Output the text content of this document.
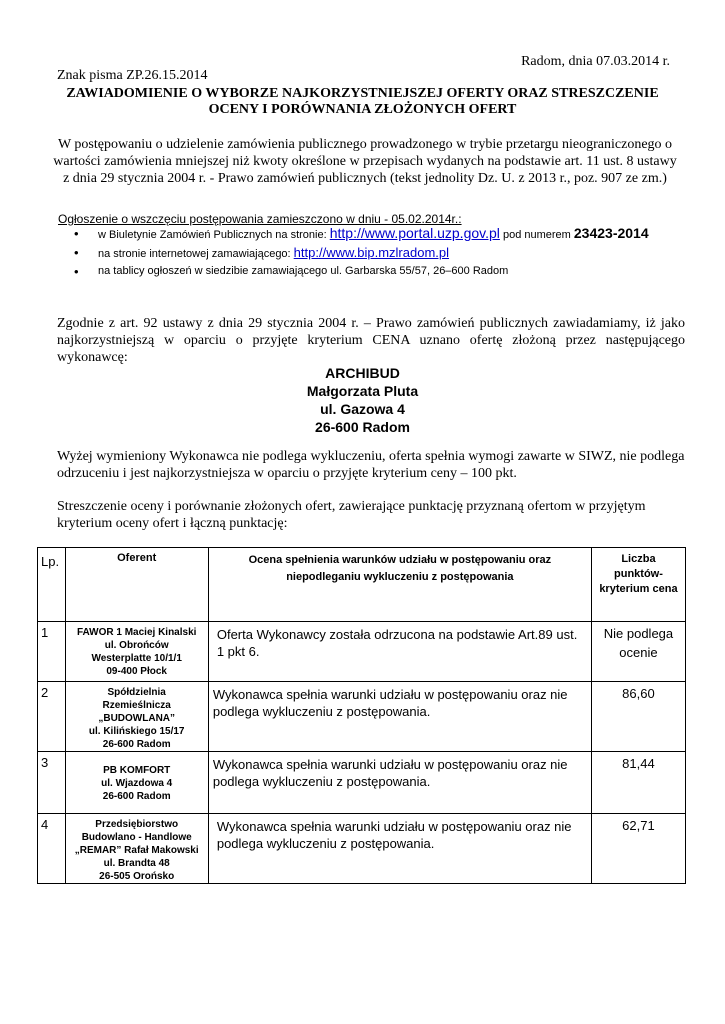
Radom, dnia 07.03.2014 r.
Znak pisma ZP.26.15.2014
ZAWIADOMIENIE O WYBORZE NAJKORZYSTNIEJSZEJ OFERTY ORAZ STRESZCZENIE
OCENY I PORÓWNANIA ZŁOŻONYCH OFERT
W postępowaniu o udzielenie zamówienia publicznego prowadzonego w trybie przetargu nieograniczonego o wartości zamówienia mniejszej niż kwoty określone w przepisach wydanych na podstawie art. 11 ust. 8 ustawy z dnia 29 stycznia 2004 r. - Prawo zamówień publicznych (tekst jednolity Dz. U. z 2013 r., poz. 907 ze zm.)
Ogłoszenie o wszczęciu postępowania zamieszczono w dniu - 05.02.2014r.:
• w Biuletynie Zamówień Publicznych na stronie: http://www.portal.uzp.gov.pl pod numerem 23423-2014
• na stronie internetowej zamawiającego: http://www.bip.mzlradom.pl
• na tablicy ogłoszeń w siedzibie zamawiającego ul. Garbarska 55/57, 26–600 Radom
Zgodnie z art. 92 ustawy z dnia 29 stycznia 2004 r. – Prawo zamówień publicznych zawiadamiamy, iż jako najkorzystniejszą w oparciu o przyjęte kryterium CENA uznano ofertę złożoną przez następującego wykonawcę:
ARCHIBUD
Małgorzata Pluta
ul. Gazowa 4
26-600 Radom
Wyżej wymieniony Wykonawca nie podlega wykluczeniu, oferta spełnia wymogi zawarte w SIWZ, nie podlega odrzuceniu i jest najkorzystniejsza w oparciu o przyjęte kryterium ceny – 100 pkt.
Streszczenie oceny i porównanie złożonych ofert, zawierające punktację przyznaną ofertom w przyjętym kryterium oceny ofert i łączną punktację:
Lp.	Oferent	Ocena spełnienia warunków udziału w postępowaniu oraz niepodleganiu wykluczeniu z postępowania	Liczba punktów- kryterium cena
1	FAWOR 1 Maciej Kinalski
ul. Obrońców
Westerplatte 10/1/1
09-400 Płock	Oferta Wykonawcy została odrzucona na podstawie Art.89 ust. 1 pkt 6.	Nie podlega ocenie
2	Spółdzielnia
Rzemieślnicza
„BUDOWLANA”
ul. Kilińskiego 15/17
26-600 Radom	Wykonawca spełnia warunki udziału w postępowaniu oraz nie podlega wykluczeniu z postępowania.	86,60
3	PB KOMFORT
ul. Wjazdowa 4
26-600 Radom	Wykonawca spełnia warunki udziału w postępowaniu oraz nie podlega wykluczeniu z postępowania.	81,44
4	Przedsiębiorstwo
Budowlano - Handlowe
„REMAR” Rafał Makowski
ul. Brandta 48
26-505 Orońsko	Wykonawca spełnia warunki udziału w postępowaniu oraz nie podlega wykluczeniu z postępowania.	62,71
